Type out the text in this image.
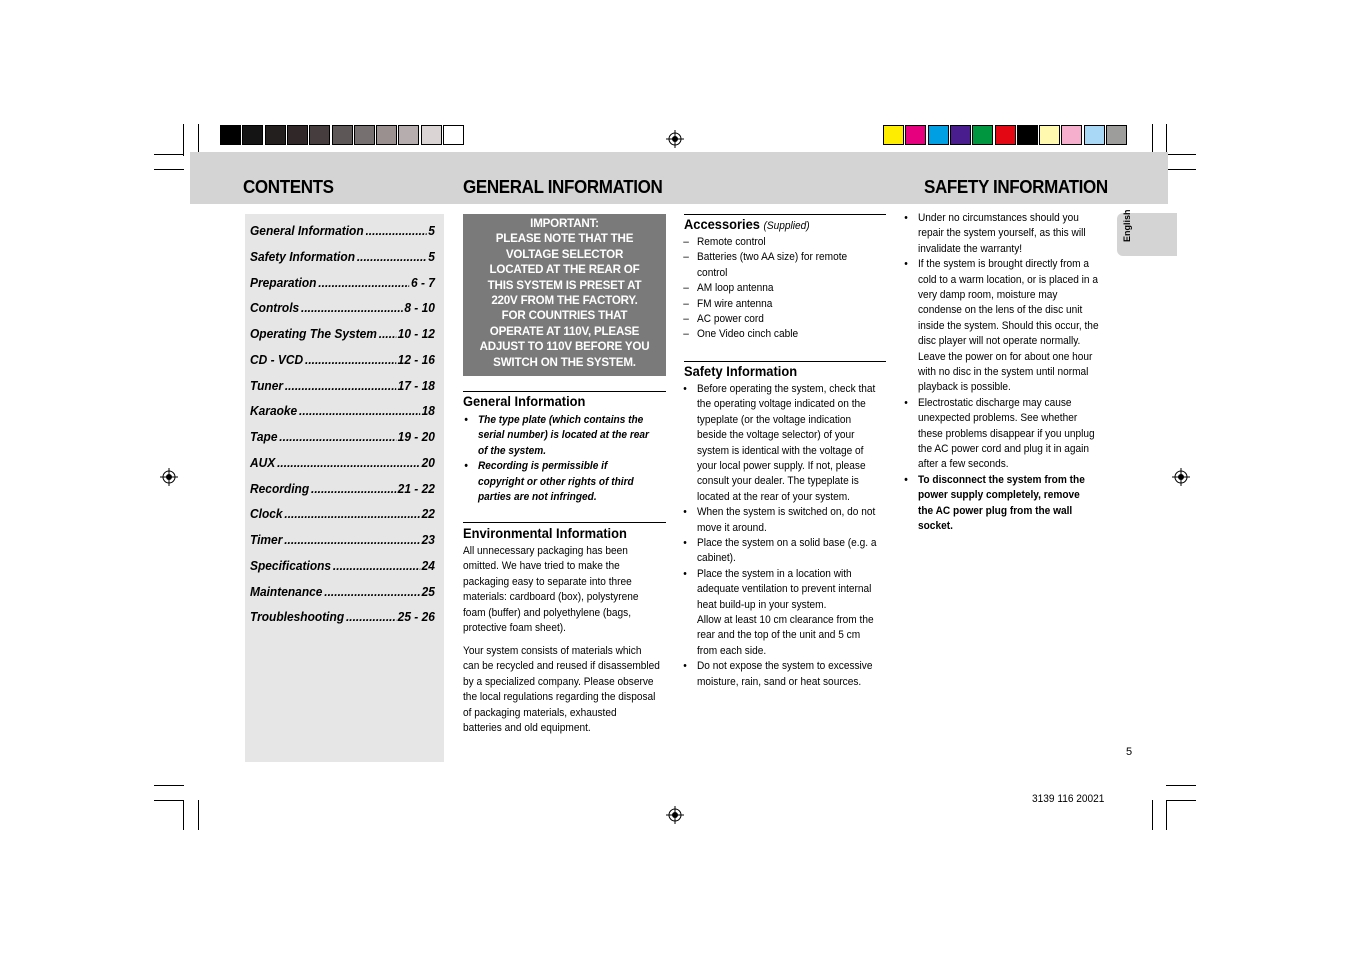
CONTENTS	GENERAL INFORMATION	SAFETY INFORMATION
General Information .....	5
Safety Information .....	5
Preparation .....	6 - 7
Controls .....	8 - 10
Operating The System ..... 10 - 12
CD - VCD .....	12 - 16
Tuner .....	17 - 18
Karaoke .....	18
Tape .....	19 - 20
AUX .....	20
Recording .....	21 - 22
Clock .....	22
Timer .....	23
Specifications .....	24
Maintenance .....	25
Troubleshooting .....	25 - 26
IMPORTANT:
PLEASE NOTE THAT THE
VOLTAGE SELECTOR
LOCATED AT THE REAR OF
THIS SYSTEM IS PRESET AT
220V FROM THE FACTORY.
FOR COUNTRIES THAT
OPERATE AT 110V, PLEASE
ADJUST TO 110V BEFORE YOU
SWITCH ON THE SYSTEM.
General Information
• The type plate (which contains the
serial number) is located at the rear
of the system.
• Recording is permissible if
copyright or other rights of third
parties are not infringed.
Environmental Information
All unnecessary packaging has been
omitted. We have tried to make the
packaging easy to separate into three
materials: cardboard (box), polystyrene
foam (buffer) and polyethylene (bags,
protective foam sheet).
Your system consists of materials which
can be recycled and reused if disassembled
by a specialized company. Please observe
the local regulations regarding the disposal
of packaging materials, exhausted
batteries and old equipment.
Accessories (Supplied)
– Remote control
– Batteries (two AA size) for remote
control
– AM loop antenna
– FM wire antenna
– AC power cord
– One Video cinch cable
Safety Information
• Before operating the system, check that
the operating voltage indicated on the
typeplate (or the voltage indication
beside the voltage selector) of your
system is identical with the voltage of
your local power supply. If not, please
consult your dealer. The typeplate is
located at the rear of your system.
• When the system is switched on, do not
move it around.
• Place the system on a solid base (e.g. a
cabinet).
• Place the system in a location with
adequate ventilation to prevent internal
heat build-up in your system.
Allow at least 10 cm clearance from the
rear and the top of the unit and 5 cm
from each side.
• Do not expose the system to excessive
moisture, rain, sand or heat sources.
• Under no circumstances should you
repair the system yourself, as this will
invalidate the warranty!
• If the system is brought directly from a
cold to a warm location, or is placed in a
very damp room, moisture may
condense on the lens of the disc unit
inside the system. Should this occur, the
disc player will not operate normally.
Leave the power on for about one hour
with no disc in the system until normal
playback is possible.
• Electrostatic discharge may cause
unexpected problems. See whether
these problems disappear if you unplug
the AC power cord and plug it in again
after a few seconds.
• To disconnect the system from the
power supply completely, remove
the AC power plug from the wall
socket.
English
5
3139 116 20021
